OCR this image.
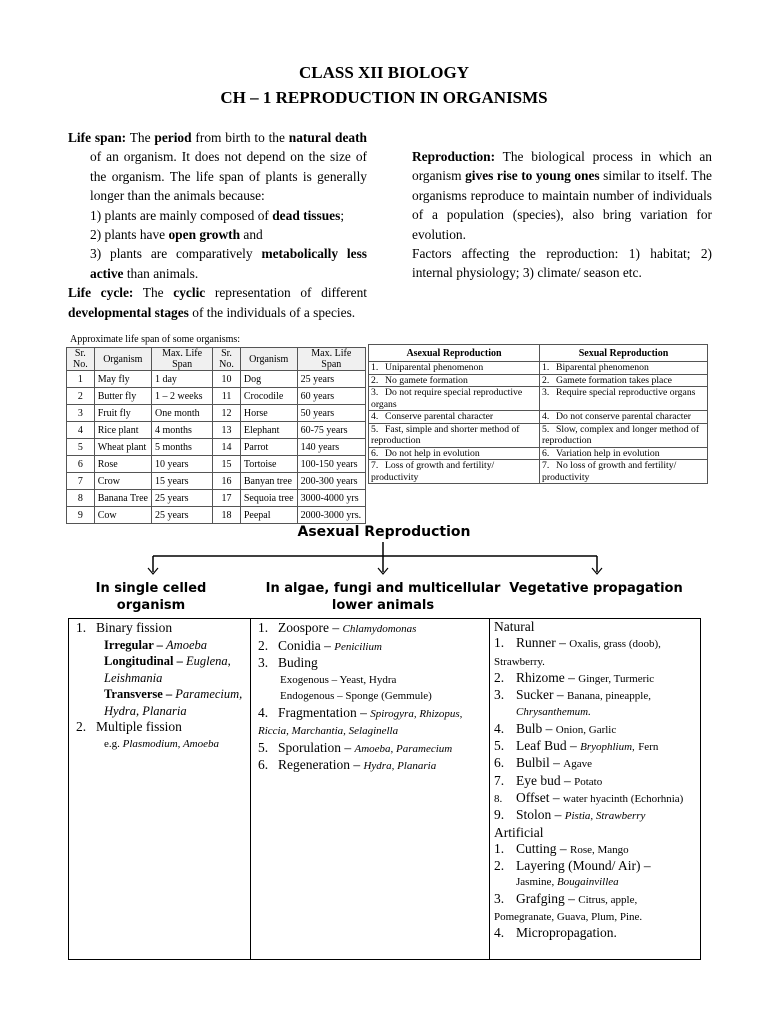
CLASS XII BIOLOGY
CH – 1 REPRODUCTION IN ORGANISMS

Life span: The period from birth to the natural death of an organism. It does not depend on the size of the organism. The life span of plants is generally longer than the animals because:

1) plants are mainly composed of dead tissues;

2) plants have open growth and

3) plants are comparatively metabolically less active than animals.

Life cycle: The cyclic representation of different developmental stages of the individuals of a species.

Reproduction: The biological process in which an organism gives rise to young ones similar to itself. The organisms reproduce to maintain number of individuals of a population (species), also bring variation for evolution.

Factors affecting the reproduction: 1) habitat; 2) internal physiology; 3) climate/ season etc.

Approximate life span of some organisms:
Sr. No.	Organism	Max. Life Span	Sr. No.	Organism	Max. Life Span
1	May fly	1 day	10	Dog	25 years
2	Butter fly	1 – 2 weeks	11	Crocodile	60 years
3	Fruit fly	One month	12	Horse	50 years
4	Rice plant	4 months	13	Elephant	60-75 years
5	Wheat plant	5 months	14	Parrot	140 years
6	Rose	10 years	15	Tortoise	100-150 years
7	Crow	15 years	16	Banyan tree	200-300 years
8	Banana Tree	25 years	17	Sequoia tree	3000-4000 yrs
9	Cow	25 years	18	Peepal	2000-3000 yrs.
Asexual Reproduction	Sexual Reproduction
1. Uniparental phenomenon	1. Biparental phenomenon
2. No gamete formation	2. Gamete formation takes place
3. Do not require special reproductive organs	3. Require special reproductive organs
4. Conserve parental character	4. Do not conserve parental character
5. Fast, simple and shorter method of reproduction	5. Slow, complex and longer method of reproduction
6. Do not help in evolution	6. Variation help in evolution
7. Loss of growth and fertility/ productivity	7. No loss of growth and fertility/ productivity
Asexual Reproduction
In single celled organism
In algae, fungi and multicellular lower animals
Vegetative propagation
1. Binary fission
Irregular – Amoeba
Longitudinal – Euglena, Leishmania
Transverse – Paramecium, Hydra, Planaria
2. Multiple fission
e.g. Plasmodium, Amoeba
1. Zoospore – Chlamydomonas
2. Conidia – Penicilium
3. Buding
Exogenous – Yeast, Hydra
Endogenous – Sponge (Gemmule)
4. Fragmentation – Spirogyra, Rhizopus, Riccia, Marchantia, Selaginella
5. Sporulation – Amoeba, Paramecium
6. Regeneration – Hydra, Planaria
Natural
1. Runner – Oxalis, grass (doob), Strawberry.
2. Rhizome – Ginger, Turmeric
3. Sucker – Banana, pineapple,
Chrysanthemum.
4. Bulb – Onion, Garlic
5. Leaf Bud – Bryophlium, Fern
6. Bulbil – Agave
7. Eye bud – Potato
8. Offset – water hyacinth (Echorhnia)
9. Stolon – Pistia, Strawberry
Artificial
1. Cutting – Rose, Mango
2. Layering (Mound/ Air) –
Jasmine, Bougainvillea
3. Grafging – Citrus, apple, Pomegranate, Guava, Plum, Pine.
4. Micropropagation.
